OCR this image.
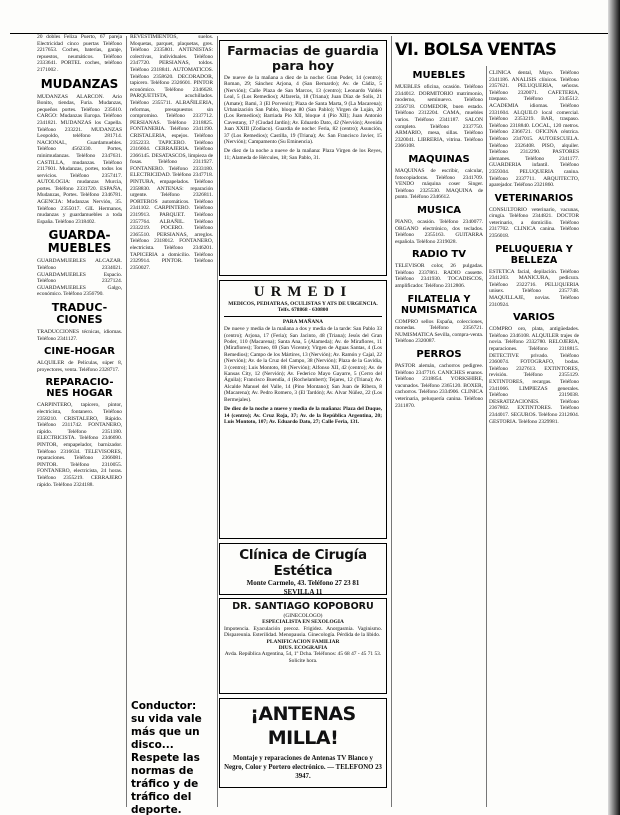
20 dobles Feliza Puerto, 67 pareja Electricidad cinco puertas Teléfono 2217653. Coches, baterías, garaje, repuestos, neumáticos. Teléfono 2333641. PORTEL coches, teléfono 2171002 .

MUDANZAS

MUDANZAS ALARCON. Ario Bonito, tiendas, Furia. Mudanzas, pequeños portes. Teléfono 235610. CARGO: Mudanzas Europa. Teléfono 2341821. MUDANZAS los Capella. Teléfono 233221. MUDANZAS Leopoldo, teléfono 281714. NACIONAL, Guardamuebles. Teléfono 4562330. Portes, minimudanzas. Teléfono 2347631. CASTILLA, mudanzas. Teléfono 2117601. Mudanzas, portes, todos los servicios. Teléfono 2357417. AUTOLOGIA: mudanzas Murcia, portes. Teléfono 2331720. ESPAÑA, Mudanzas, Portes. Teléfono 2346781. AGENCIA: Mudanzas Nervión, 35. Teléfono 2355017. GIL Hermanos, mudanzas y guardamuebles a toda España. Teléfono 2318402.

GUARDA-MUEBLES

GUARDAMUEBLES ALCAZAR. Teléfono 2334021. GUARDAMUEBLES Espacio. Teléfono 2327124. GUARDAMUEBLES Galgo, económico. Teléfono 2356790.

TRADUC-CIONES

TRADUCCIONES técnicas, idiomas. Teléfono 2341127.

CINE-HOGAR

ALQUILER de Películas, súper 8, proyectores, venta. Teléfono 2328717.

REPARACIO-NES HOGAR

CARPINTERO, tapicero, pintor, electricista, fontanero. Teléfono 2358210. CRISTALERO, Rápido. Teléfono 2311742. FONTANERO, rápido. Teléfono 2351180. ELECTRICISTA. Teléfono 2346690. PINTOR, empapelador, barnizador. Teléfono 2316634. TELEVISORES, reparaciones. Teléfono 2366081. PINTOR. Teléfono 2310055. FONTANERO, electricista, 24 horas. Teléfono 2355219. CERRAJERO rápido. Teléfono 2324188.

REVESTIMIENTOS, suelos. Moquetas, parquet, plaquetas, gres. Teléfono 2335801. ANTENISTAS: colectivas, individuales. Teléfono 2347720. PERSIANAS, toldos. Teléfono 2318841. AUTOMATICOS. Teléfono 2358620. DECORADOR, tapicero. Teléfono 2326601. PINTOR económico. Teléfono 2346628. PARQUETISTA, acuchillados. Teléfono 2355711. ALBAÑILERIA, reformas, presupuestos sin compromiso. Teléfono 2337712. PERSIANAS. Teléfono 2318825. FONTANERIA. Teléfono 2341190. CRISTALERIA, espejos. Teléfono 2352233. TAPICERO. Teléfono 2316604. CERRAJERIA. Teléfono 2366145. DESATASCOS, limpieza de fosas. Teléfono 2311927. FONTANERO. Teléfono 2333180. ELECTRICIDAD. Teléfono 2347718. PINTURA, empapelados. Teléfono 2358830. ANTENAS: reparación urgente. Teléfono 2326811. PORTEROS automáticos. Teléfono 2341102. CARPINTERO. Teléfono 2319913. PARQUET. Teléfono 2357764. ALBAÑIL. Teléfono 2332219. POCERO. Teléfono 2365510. PERSIANAS, arreglos. Teléfono 2318012. FONTANERO, electricista. Teléfono 2346201. TAPICERIA a domicilio. Teléfono 2329914. PINTOR. Teléfono 2350027.

Conductor: su vida vale más que un disco... Respete las normas de tráfico y de tráfico del deporte.
Farmacias de guardia para hoy

De nueve de la mañana a diez de la noche: Gran Poder, 14 (centro); Roman, 29; Sánchez Arjona, 4 (San Bernardo); Av. de Cádiz, 5 (Nervión); Calle Plaza de San Marcos, 13 (centro); Leonardo Valdés Leal, 5 (Los Remedios); Alfarería, 18 (Triana); Juan Díaz de Solís, 21 (Amate); Bami, 3 (El Porvenir); Plaza de Santa Marta, 9 (La Macarena); Urbanización San Pablo, bloque 80 (San Pablo); Virgen de Luján, 20 (Los Remedios); Barriada Pio XII, bloque 4 (Pio XII); Juan Antonio Cavestany, 17 (Ciudad Jardín); Av. Eduardo Dato, 42 (Nervión); Avenida Juan XXIII (Zodiaco). Guardia de noche: Feria, 82 (centro); Asunción, 37 (Los Remedios); Castilla, 19 (Triana); Av. San Francisco Javier, 15 (Nervión); Campamento (Su Eminencia).

De diez de la noche a nueve de la mañana: Plaza Virgen de los Reyes, 11; Alameda de Hércules, 18; San Pablo, 31.

URMEDI
MEDICOS, PEDIATRAS, OCULISTAS Y ATS DE URGENCIA. Telfs. 678868 - 630800
PARA MAÑANA

De nueve y media de la mañana a dos y media de la tarde: San Pablo 33 (centro); Arjona, 17 (Feria); San Jacinto, 48 (Triana); Jesús del Gran Poder, 110 (Macarena); Santa Ana, 5 (Alameda); Av. de Miraflores, 11 (Miraflores); Torneo, 69 (San Vicente); Virgen de Aguas Santas, 4 (Los Remedios); Campo de los Mártires, 13 (Nervión); Av. Ramón y Cajal, 22 (Nervión); Av. de la Cruz del Campo, 38 (Nervión); Plaza de la Gavidia, 3 (centro); Luis Montoto, 88 (Nervión); Alfonso XII, 42 (centro); Av. de Kansas City, 12 (Nervión); Av. Federico Mayo Gayarre, 5 (Cerro del Águila); Francisco Buendía, 4 (Rochelambert); Tejares, 12 (Triana); Av. Alcalde Manuel del Valle, 14 (Pino Montano); San Juan de Ribera, 8 (Macarena); Av. Pedro Romero, 3 (El Tardón); Av. Alvar Núñez, 22 (Los Bermejales).

De diez de la noche a nueve y media de la mañana: Plaza del Duque, 14 (centro); Av. Cruz Roja, 37; Av. de la República Argentina, 20; Luis Montoto, 107; Av. Eduardo Dato, 27; Calle Feria, 131.

Clínica de Cirugía Estética
Monte Carmelo, 43. Teléfono 27 23 81
SEVILLA 11
DR. SANTIAGO KOPOBORU
(GINECOLOGO)
ESPECIALISTA EN SEXOLOGIA
Impotencia. Eyaculación precoz. Frigidez. Anorgasmia. Vaginismo. Dispareunia. Esterilidad. Menopausia. Ginecología. Pérdida de la libido.
PLANIFICACION FAMILIAR
DIUS. ECOGRAFIA
Avda. República Argentina, 54, 1º Dcha. Teléfonos: 45 68 47 - 45 71 53. Solicite hora.
¡ANTENAS MILLA!
Montaje y reparaciones de Antenas TV Blanco y Negro, Color y Portero electrónico. — TELEFONO 23 3947.
VI. BOLSA VENTAS
MUEBLES

MUEBLES oficina, ocasión. Teléfono 2344012. DORMITORIO matrimonio, moderno, seminuevo. Teléfono 2356718. COMEDOR, buen estado. Teléfono 2312204. CAMA, muebles varios. Teléfono 2341187. SALON completo. Teléfono 2337750. ARMARIO, mesa, sillas. Teléfono 2320041. LIBRERIA, vitrina. Teléfono 2366108.

MAQUINAS

MAQUINAS de escribir, calcular, fotocopiadoras. Teléfono 2341709. VENDO máquina coser Singer. Teléfono 2325530. MAQUINA de punto. Teléfono 2346612.

MUSICA

PIANO, ocasión. Teléfono 2340077. ORGANO electrónico, dos teclados. Teléfono 2355163. GUITARRA española. Teléfono 2319028.

RADIO TV

TELEVISOR color, 26 pulgadas. Teléfono 2337861. RADIO cassette. Teléfono 2341930. TOCADISCOS, amplificador. Teléfono 2312806.

FILATELIA Y NUMISMATICA

COMPRO sellos España, colecciones, monedas. Teléfono 2356721. NUMISMATICA Sevilla, compra-venta. Teléfono 2320087.

PERROS

PASTOR alemán, cachorros pedigree. Teléfono 2347716. CANICHES enanos. Teléfono 2318854. YORKSHIRE, vacunados. Teléfono 2365120. BOXER, cachorros. Teléfono 2334906. CLINICA veterinaria, peluquería canina. Teléfono 2311870.

CLINICA dental, Mayo. Teléfono 2341186. ANALISIS clínicos. Teléfono 2357621. PELUQUERIA, señoras. Teléfono 2320071. CAFETERIA, traspaso. Teléfono 2345512. ACADEMIA idiomas. Teléfono 2331604. ALQUILO local comercial. Teléfono 2353219. BAR, traspaso. Teléfono 2318840. LOCAL, 120 metros. Teléfono 2366721. OFICINA céntrica. Teléfono 2347015. AUTOESCUELA. Teléfono 2326408. PISO, alquiler. Teléfono 2312290. PASTORES alemanes. Teléfono 2341177. GUARDERIA infantil. Teléfono 2359304. PELUQUERIA canina. Teléfono 2337711. ARQUITECTO, aparejador. Teléfono 2321860.

VETERINARIOS

CONSULTORIO veterinario, vacunas, cirugía. Teléfono 2344821. DOCTOR veterinario, a domicilio. Teléfono 2317702. CLINICA canina. Teléfono 2356018.

PELUQUERIA Y BELLEZA

ESTETICA facial, depilación. Teléfono 2341203. MANICURA, pedicura. Teléfono 2322716. PELUQUERIA unisex. Teléfono 2357748. MAQUILLAJE, novias. Teléfono 2310924.

VARIOS

COMPRO oro, plata, antigüedades. Teléfono 2346108. ALQUILER trajes de novia. Teléfono 2332780. RELOJERIA, reparaciones. Teléfono 2318815. DETECTIVE privado. Teléfono 2360074. FOTOGRAFO, bodas. Teléfono 2327613. EXTINTORES, revisión. Teléfono 2355129. EXTINTORES, recargas. Teléfono 2341066. LIMPIEZAS generales. Teléfono 2319038. DESRATIZACIONES. Teléfono 2367802. EXTINTORES. Teléfono 2344017. SEGUROS. Teléfono 2312604. GESTORIA. Teléfono 2329981.
